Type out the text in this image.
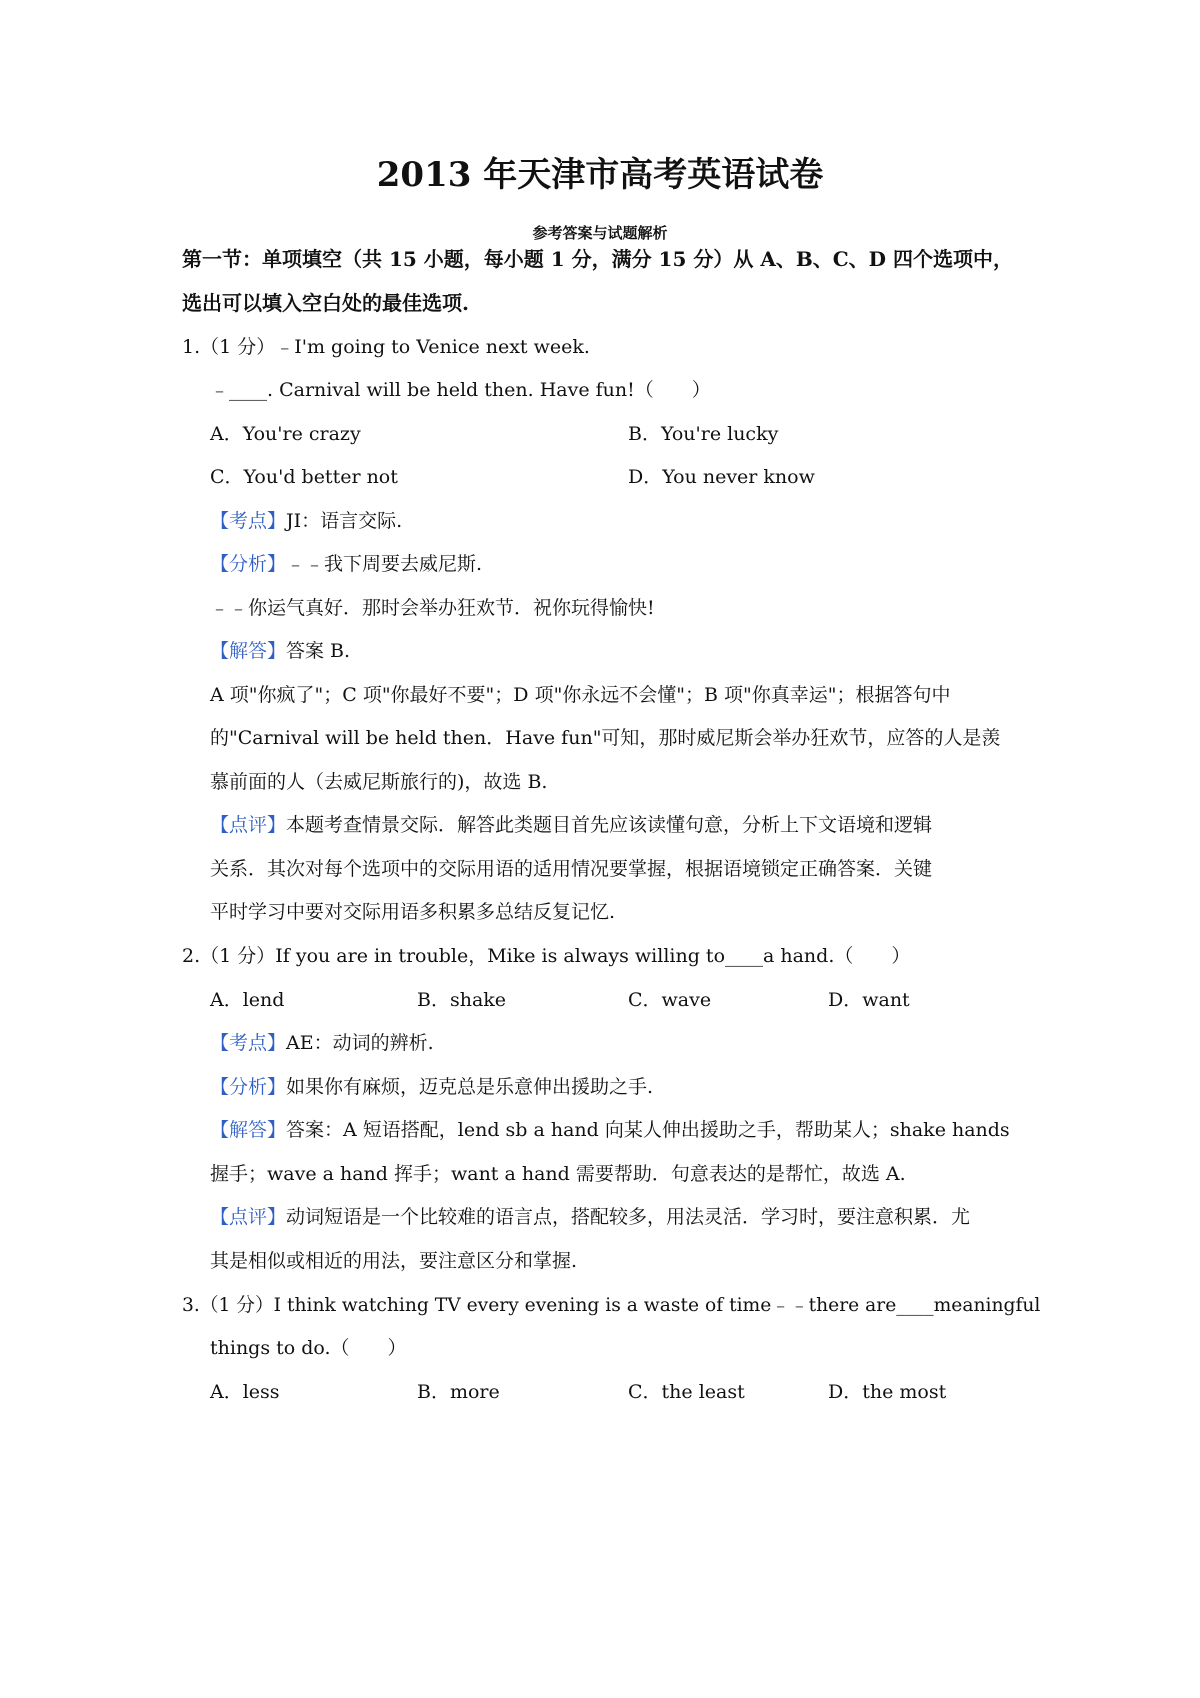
2013 年天津市高考英语试卷
参考答案与试题解析
第一节：单项填空（共 15 小题，每小题 1 分，满分 15 分）从 A、B、C、D 四个选项中，
选出可以填入空白处的最佳选项.
1.（1 分）﹣I'm going to Venice next week.
﹣____. Carnival will be held then. Have fun!（　　）
A．You're crazy	B．You're lucky
C．You'd better not	D．You never know
【考点】JI：语言交际.
【分析】﹣﹣我下周要去威尼斯.
﹣﹣你运气真好．那时会举办狂欢节．祝你玩得愉快!
【解答】答案 B.
A 项"你疯了"；C 项"你最好不要"；D 项"你永远不会懂"；B 项"你真幸运"；根据答句中
的"Carnival will be held then．Have fun"可知，那时威尼斯会举办狂欢节，应答的人是羡
慕前面的人（去威尼斯旅行的)，故选 B.
【点评】本题考查情景交际．解答此类题目首先应该读懂句意，分析上下文语境和逻辑
关系．其次对每个选项中的交际用语的适用情况要掌握，根据语境锁定正确答案．关键
平时学习中要对交际用语多积累多总结反复记忆.
2.（1 分）If you are in trouble，Mike is always willing to____a hand.（　　）
A．lend	B．shake	C．wave	D．want
【考点】AE：动词的辨析.
【分析】如果你有麻烦，迈克总是乐意伸出援助之手.
【解答】答案：A 短语搭配，lend sb a hand 向某人伸出援助之手，帮助某人；shake hands
握手；wave a hand 挥手；want a hand 需要帮助．句意表达的是帮忙，故选 A.
【点评】动词短语是一个比较难的语言点，搭配较多，用法灵活．学习时，要注意积累．尤
其是相似或相近的用法，要注意区分和掌握.
3.（1 分）I think watching TV every evening is a waste of time﹣﹣there are____meaningful
things to do.（　　）
A．less	B．more	C．the least	D．the most
